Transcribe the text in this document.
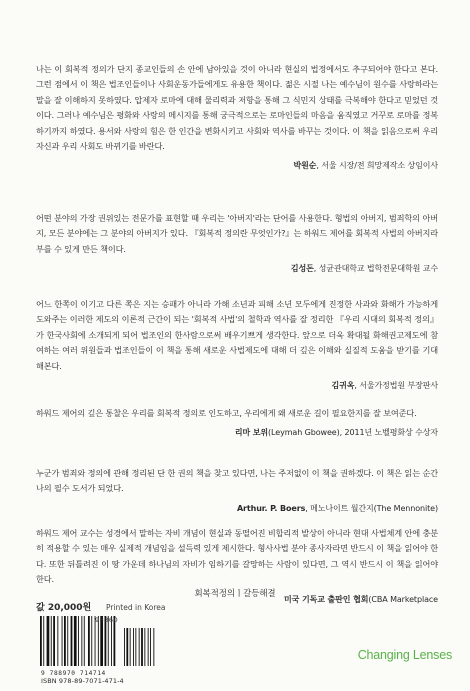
나는 이 회복적 정의가 단지 종교인들의 손 안에 남아있을 것이 아니라 현실의 법정에서도 추구되어야 한다고 본다. 그런 점에서 이 책은 법조인들이나 사회운동가들에게도 유용한 책이다. 젊은 시절 나는 예수님이 원수를 사랑하라는 말을 잘 이해하지 못하였다. 압제자 로마에 대해 물리력과 저항을 통해 그 식민지 상태를 극복해야 한다고 믿었던 것이다. 그러나 예수님은 평화와 사랑의 메시지를 통해 궁극적으로는 로마인들의 마음을 움직였고 거꾸로 로마를 정복하기까지 하였다. 용서와 사랑의 힘은 한 인간을 변화시키고 사회와 역사를 바꾸는 것이다. 이 책을 읽음으로써 우리 자신과 우리 사회도 바뀌기를 바란다.

박원순, 서울 시장/전 희망제작소 상임이사

어떤 분야의 가장 권위있는 전문가를 표현할 때 우리는 '아버지'라는 단어를 사용한다. 형법의 아버지, 범죄학의 아버지, 모든 분야에는 그 분야의 아버지가 있다. 『회복적 정의란 무엇인가?』는 하워드 제어를 회복적 사법의 아버지라 부를 수 있게 만든 책이다.

김성돈, 성균관대학교 법학전문대학원 교수

어느 한쪽이 이기고 다른 쪽은 지는 승패가 아니라 가해 소년과 피해 소년 모두에게 진정한 사과와 화해가 가능하게 도와주는 이러한 제도의 이론적 근간이 되는 '회복적 사법'의 철학과 역사를 잘 정리한 『우리 시대의 회복적 정의』가 한국사회에 소개되게 되어 법조인의 한사람으로써 배우기쁘게 생각한다. 앞으로 더욱 확대될 화해권고제도에 참여하는 여러 위원들과 법조인들이 이 책을 통해 새로운 사법제도에 대해 더 깊은 이해와 실질적 도움을 받기를 기대해본다.

김귀옥, 서울가정법원 부장판사

하워드 제어의 깊은 통찰은 우리를 회복적 정의로 인도하고, 우리에게 왜 새로운 길이 필요한지를 잘 보여준다.

리마 보위(Leymah Gbowee), 2011년 노벨평화상 수상자

누군가 범죄와 정의에 관해 정리된 단 한 권의 책을 찾고 있다면, 나는 주저없이 이 책을 권하겠다. 이 책은 읽는 순간 나의 필수 도서가 되었다.

Arthur. P. Boers, 메노나이트 월간지(The Mennonite)

하워드 제어 교수는 성경에서 말하는 자비 개념이 현실과 동떨어진 비합리적 발상이 아니라 현대 사법체계 안에 충분히 적용할 수 있는 매우 실제적 개념임을 설득력 있게 제시한다. 형사사법 분야 종사자라면 반드시 이 책을 읽어야 한다. 또한 뒤틀려진 이 땅 가운데 하나님의 자비가 임하기를 갈망하는 사람이 있다면, 그 역시 반드시 이 책을 읽어야 한다.

미국 기독교 출판인 협회(CBA Marketplace

회복적정의ㅣ갈등해결
값 20,000원 Printed in Korea
9 788970 714714
ISBN 978-89-7071-471-4
93360
Changing Lenses
